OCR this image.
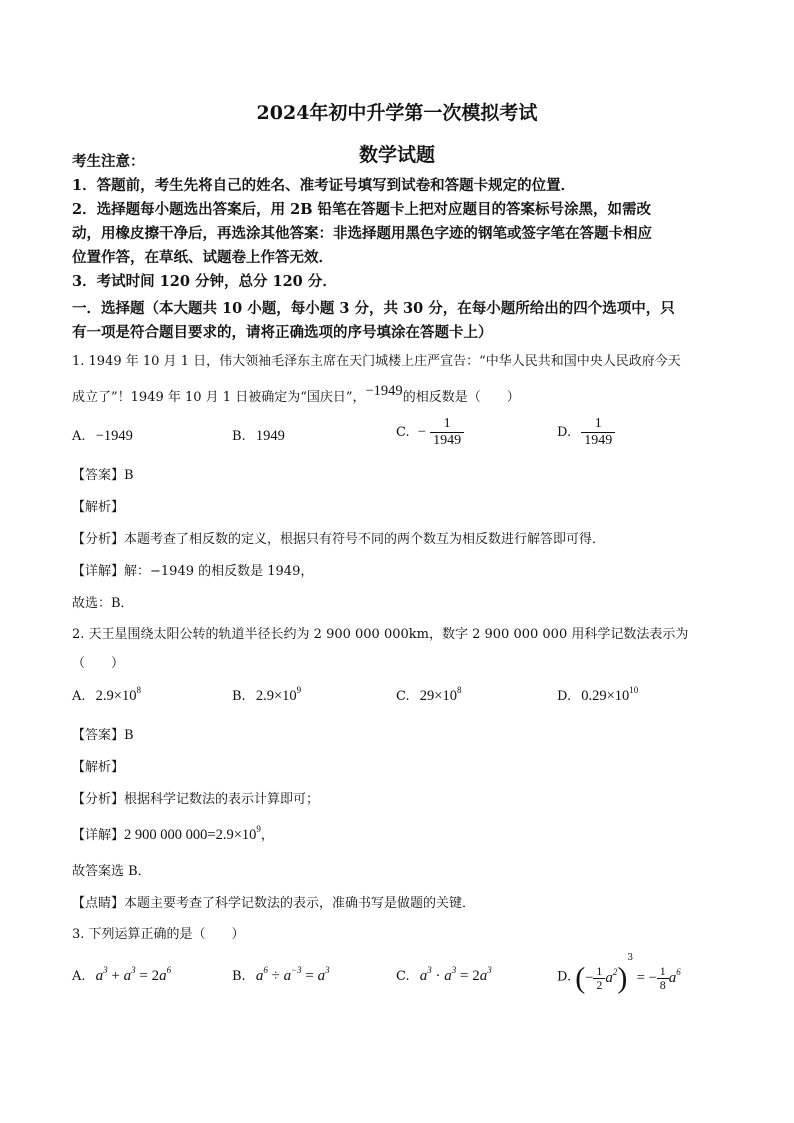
2024年初中升学第一次模拟考试
数学试题
考生注意：
1．答题前，考生先将自己的姓名、准考证号填写到试卷和答题卡规定的位置．
2．选择题每小题选出答案后，用 2B 铅笔在答题卡上把对应题目的答案标号涂黑，如需改
动，用橡皮擦干净后，再选涂其他答案：非选择题用黑色字迹的钢笔或签字笔在答题卡相应
位置作答，在草纸、试题卷上作答无效．
3．考试时间 120 分钟，总分 120 分．
一．选择题（本大题共 10 小题，每小题 3 分，共 30 分，在每小题所给出的四个选项中，只
有一项是符合题目要求的，请将正确选项的序号填涂在答题卡上）
1. 1949 年 10 月 1 日，伟大领袖毛泽东主席在天门城楼上庄严宣告：“中华人民共和国中央人民政府今天
成立了”！1949 年 10 月 1 日被确定为“国庆日”，−1949的相反数是（　　）
A. −1949	B. 1949	C. − $\frac{1}{1949}$	D. $\frac{1}{1949}$
【答案】B
【解析】
【分析】本题考查了相反数的定义，根据只有符号不同的两个数互为相反数进行解答即可得．
【详解】解：−1949 的相反数是 1949，
故选：B．
2. 天王星围绕太阳公转的轨道半径长约为 2 900 000 000km，数字 2 900 000 000 用科学记数法表示为
（　　）
A. $2.9\times 10^8$	B. $2.9\times 10^9$	C. $29\times 10^8$	D. $0.29\times 10^{10}$
【答案】B
【解析】
【分析】根据科学记数法的表示计算即可；
【详解】2 900 000 $000=2.9\times 10^9$，
故答案选 B．
【点睛】本题主要考查了科学记数法的表示，准确书写是做题的关键．
3. 下列运算正确的是（　　）
A. $a^3 + a^3 = 2a^6$	B. $a^6 \div a^{-3} = a^3$	C. $a^3 \cdot a^3 = 2a^3$	D. (− $\frac{1}{2} a^2)^3$ = − $\frac{1}{8} a^6$
